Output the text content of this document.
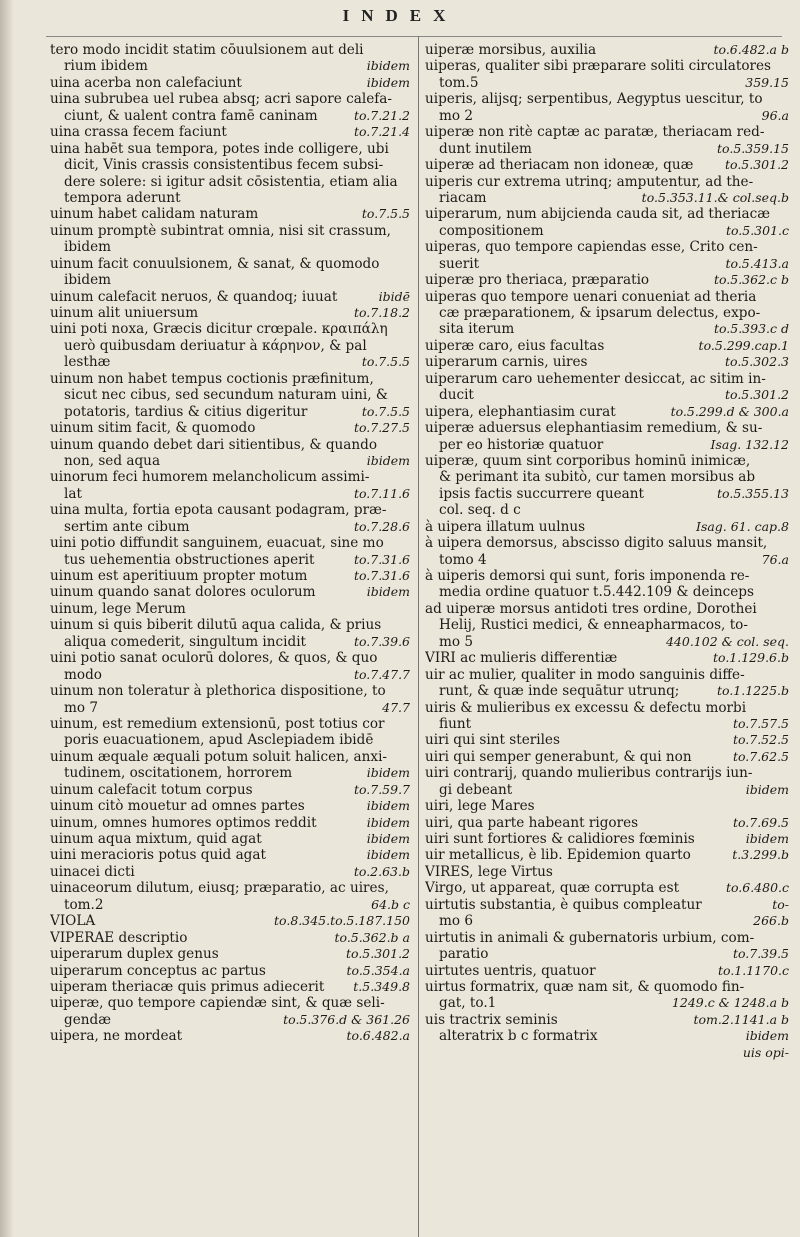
INDEX
tero modo incidit statim cōuulsionem aut deli
rium ibidem	ibidem
uina acerba non calefaciunt	ibidem
uina subrubea uel rubea absq; acri sapore calefa-
ciunt, & ualent contra famē caninam	to.7.21.2
uina crassa fecem faciunt	to.7.21.4
uina habēt sua tempora, potes inde colligere, ubi
dicit, Vinis crassis consistentibus fecem subsi-
dere solere: si igitur adsit cōsistentia, etiam alia
tempora aderunt
uinum habet calidam naturam	to.7.5.5
uinum promptè subintrat omnia, nisi sit crassum,
ibidem
uinum facit conuulsionem, & sanat, & quomodo
ibidem
uinum calefacit neruos, & quandoq; iuuat	ibidē
uinum alit uniuersum	to.7.18.2
uini poti noxa, Græcis dicitur crœpale. κραιπάλη
uerò quibusdam deriuatur à κάρηνον, & pal
lesthæ	to.7.5.5
uinum non habet tempus coctionis præfinitum,
sicut nec cibus, sed secundum naturam uini, &
potatoris, tardius & citius digeritur	to.7.5.5
uinum sitim facit, & quomodo	to.7.27.5
uinum quando debet dari sitientibus, & quando
non, sed aqua	ibidem
uinorum feci humorem melancholicum assimi-
lat	to.7.11.6
uina multa, fortia epota causant podagram, præ-
sertim ante cibum	to.7.28.6
uini potio diffundit sanguinem, euacuat, sine mo
tus uehementia obstructiones aperit	to.7.31.6
uinum est aperitiuum propter motum	to.7.31.6
uinum quando sanat dolores oculorum	ibidem
uinum, lege Merum
uinum si quis biberit dilutū aqua calida, & prius
aliqua comederit, singultum incidit	to.7.39.6
uini potio sanat oculorū dolores, & quos, & quo
modo	to.7.47.7
uinum non toleratur à plethorica dispositione, to
mo 7	47.7
uinum, est remedium extensionū, post totius cor
poris euacuationem, apud Asclepiadem ibidē
uinum æquale æquali potum soluit halicen, anxi-
tudinem, oscitationem, horrorem	ibidem
uinum calefacit totum corpus	to.7.59.7
uinum citò mouetur ad omnes partes	ibidem
uinum, omnes humores optimos reddit	ibidem
uinum aqua mixtum, quid agat	ibidem
uini meracioris potus quid agat	ibidem
uinacei dicti	to.2.63.b
uinaceorum dilutum, eiusq; præparatio, ac uires,
tom.2	64.b c
VIOLA	to.8.345.to.5.187.150
VIPERAE descriptio	to.5.362.b a
uiperarum duplex genus	to.5.301.2
uiperarum conceptus ac partus	to.5.354.a
uiperam theriacæ quis primus adiecerit	t.5.349.8
uiperæ, quo tempore capiendæ sint, & quæ seli-
gendæ	to.5.376.d & 361.26
uipera, ne mordeat	to.6.482.a
uiperæ morsibus, auxilia	to.6.482.a b
uiperas, qualiter sibi præparare soliti circulatores
tom.5	359.15
uiperis, alijsq; serpentibus, Aegyptus uescitur, to
mo 2	96.a
uiperæ non ritè captæ ac paratæ, theriacam red-
dunt inutilem	to.5.359.15
uiperæ ad theriacam non idoneæ, quæ	to.5.301.2
uiperis cur extrema utrinq; amputentur, ad the-
riacam	to.5.353.11.& col.seq.b
uiperarum, num abijcienda cauda sit, ad theriacæ
compositionem	to.5.301.c
uiperas, quo tempore capiendas esse, Crito cen-
suerit	to.5.413.a
uiperæ pro theriaca, præparatio	to.5.362.c b
uiperas quo tempore uenari conueniat ad theria
cæ præparationem, & ipsarum delectus, expo-
sita iterum	to.5.393.c d
uiperæ caro, eius facultas	to.5.299.cap.1
uiperarum carnis, uires	to.5.302.3
uiperarum caro uehementer desiccat, ac sitim in-
ducit	to.5.301.2
uipera, elephantiasim curat	to.5.299.d & 300.a
uiperæ aduersus elephantiasim remedium, & su-
per eo historiæ quatuor	Isag. 132.12
uiperæ, quum sint corporibus hominū inimicæ,
& perimant ita subitò, cur tamen morsibus ab
ipsis factis succurrere queant	to.5.355.13
col. seq. d c
à uipera illatum uulnus	Isag. 61. cap.8
à uipera demorsus, abscisso digito saluus mansit,
tomo 4	76.a
à uiperis demorsi qui sunt, foris imponenda re-
media ordine quatuor t.5.442.109 & deinceps
ad uiperæ morsus antidoti tres ordine, Dorothei
Helij, Rustici medici, & enneapharmacos, to-
mo 5	440.102 & col. seq.
VIRI ac mulieris differentiæ	to.1.129.6.b
uir ac mulier, qualiter in modo sanguinis diffe-
runt, & quæ inde sequātur utrunq;	to.1.1225.b
uiris & mulieribus ex excessu & defectu morbi
fiunt	to.7.57.5
uiri qui sint steriles	to.7.52.5
uiri qui semper generabunt, & qui non	to.7.62.5
uiri contrarij, quando mulieribus contrarijs iun-
gi debeant	ibidem
uiri, lege Mares
uiri, qua parte habeant rigores	to.7.69.5
uiri sunt fortiores & calidiores fœminis	ibidem
uir metallicus, è lib. Epidemion quarto	t.3.299.b
VIRES, lege Virtus
Virgo, ut appareat, quæ corrupta est	to.6.480.c
uirtutis substantia, è quibus compleatur	to-
mo 6	266.b
uirtutis in animali & gubernatoris urbium, com-
paratio	to.7.39.5
uirtutes uentris, quatuor	to.1.1170.c
uirtus formatrix, quæ nam sit, & quomodo fin-
gat, to.1	1249.c & 1248.a b
uis tractrix seminis	tom.2.1141.a b
alteratrix b c formatrix	ibidem
uis opi-
